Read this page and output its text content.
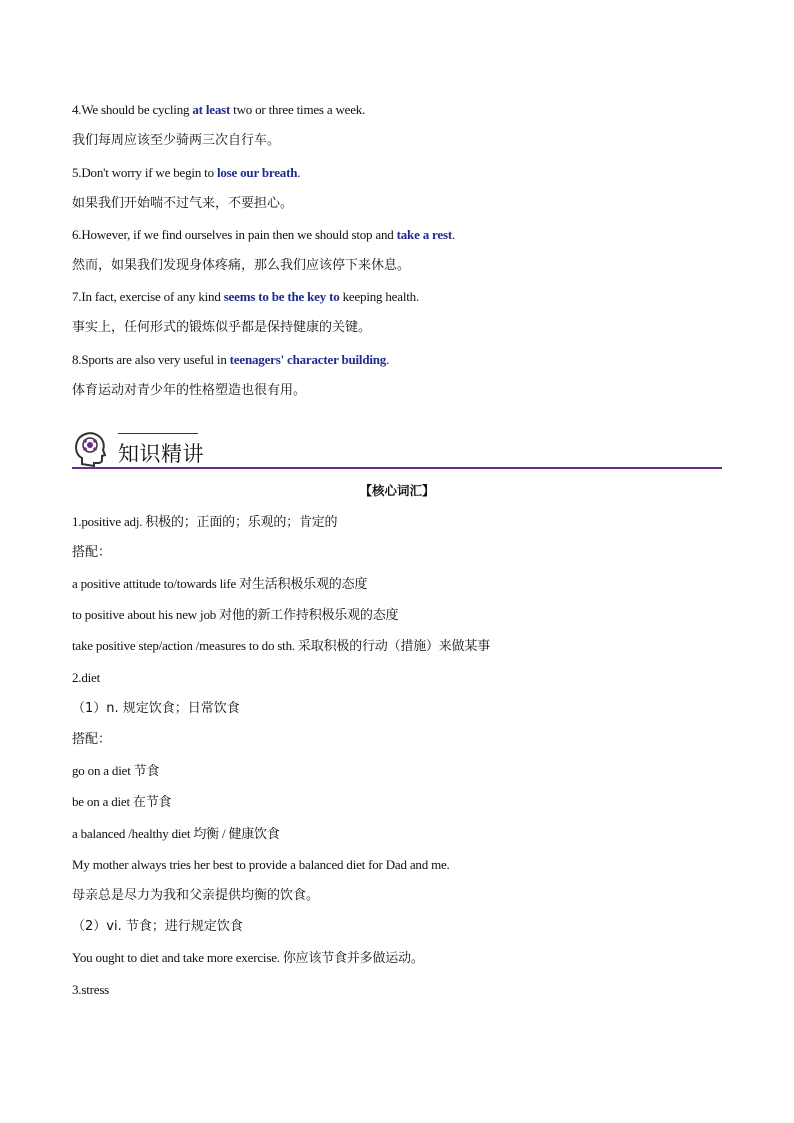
4.We should be cycling at least two or three times a week.
我们每周应该至少骑两三次自行车。
5.Don't worry if we begin to lose our breath.
如果我们开始喘不过气来，不要担心。
6.However, if we find ourselves in pain then we should stop and take a rest.
然而，如果我们发现身体疼痛，那么我们应该停下来休息。
7.In fact, exercise of any kind seems to be the key to keeping health.
事实上，任何形式的锻炼似乎都是保持健康的关键。
8.Sports are also very useful in teenagers' character building.
体育运动对青少年的性格塑造也很有用。
知识精讲
【核心词汇】
1.positive adj. 积极的；正面的；乐观的；肯定的
搭配：
a positive attitude to/towards life 对生活积极乐观的态度
to positive about his new job 对他的新工作持积极乐观的态度
take positive step/action /measures to do sth. 采取积极的行动（措施）来做某事
2.diet
（1）n. 规定饮食；日常饮食
搭配：
go on a diet 节食
be on a diet 在节食
a balanced /healthy diet 均衡 / 健康饮食
My mother always tries her best to provide a balanced diet for Dad and me.
母亲总是尽力为我和父亲提供均衡的饮食。
（2）vi. 节食；进行规定饮食
You ought to diet and take more exercise. 你应该节食并多做运动。
3.stress
